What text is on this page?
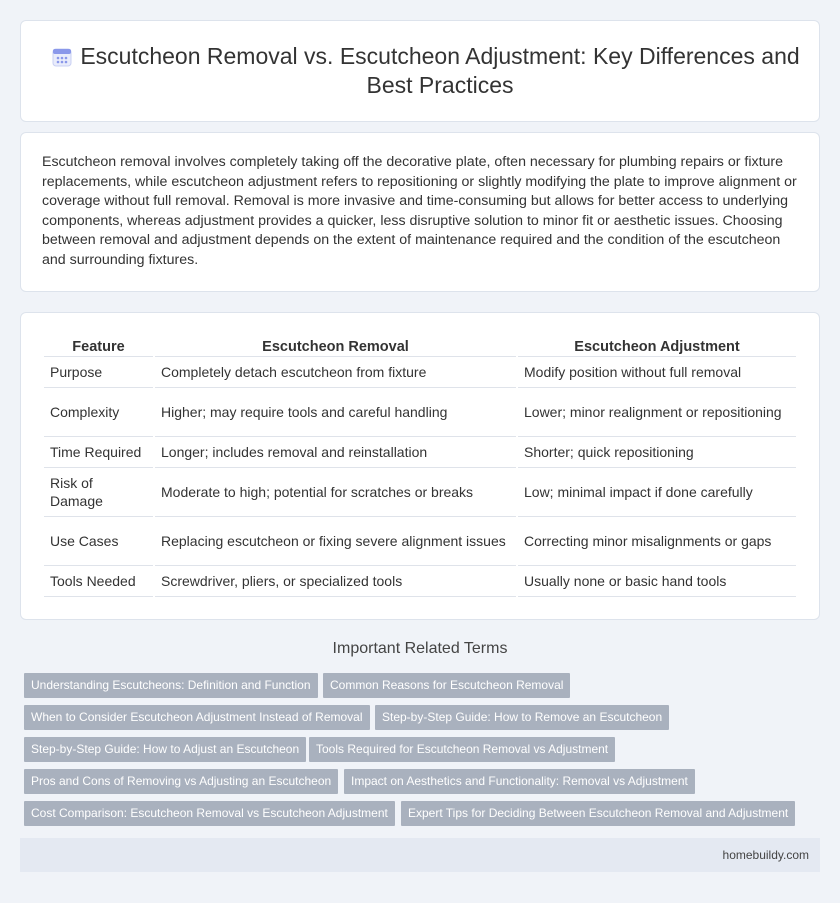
Escutcheon Removal vs. Escutcheon Adjustment: Key Differences and Best Practices

Escutcheon removal involves completely taking off the decorative plate, often necessary for plumbing repairs or fixture replacements, while escutcheon adjustment refers to repositioning or slightly modifying the plate to improve alignment or coverage without full removal. Removal is more invasive and time-consuming but allows for better access to underlying components, whereas adjustment provides a quicker, less disruptive solution to minor fit or aesthetic issues. Choosing between removal and adjustment depends on the extent of maintenance required and the condition of the escutcheon and surrounding fixtures.

Feature	Escutcheon Removal	Escutcheon Adjustment
Purpose	Completely detach escutcheon from fixture	Modify position without full removal
Complexity	Higher; may require tools and careful handling	Lower; minor realignment or repositioning
Time Required	Longer; includes removal and reinstallation	Shorter; quick repositioning
Risk of Damage	Moderate to high; potential for scratches or breaks	Low; minimal impact if done carefully
Use Cases	Replacing escutcheon or fixing severe alignment issues	Correcting minor misalignments or gaps
Tools Needed	Screwdriver, pliers, or specialized tools	Usually none or basic hand tools
Important Related Terms
Understanding Escutcheons: Definition and Function	Common Reasons for Escutcheon Removal
When to Consider Escutcheon Adjustment Instead of Removal	Step-by-Step Guide: How to Remove an Escutcheon
Step-by-Step Guide: How to Adjust an Escutcheon	Tools Required for Escutcheon Removal vs Adjustment
Pros and Cons of Removing vs Adjusting an Escutcheon	Impact on Aesthetics and Functionality: Removal vs Adjustment
Cost Comparison: Escutcheon Removal vs Escutcheon Adjustment	Expert Tips for Deciding Between Escutcheon Removal and Adjustment
homebuildy.com
